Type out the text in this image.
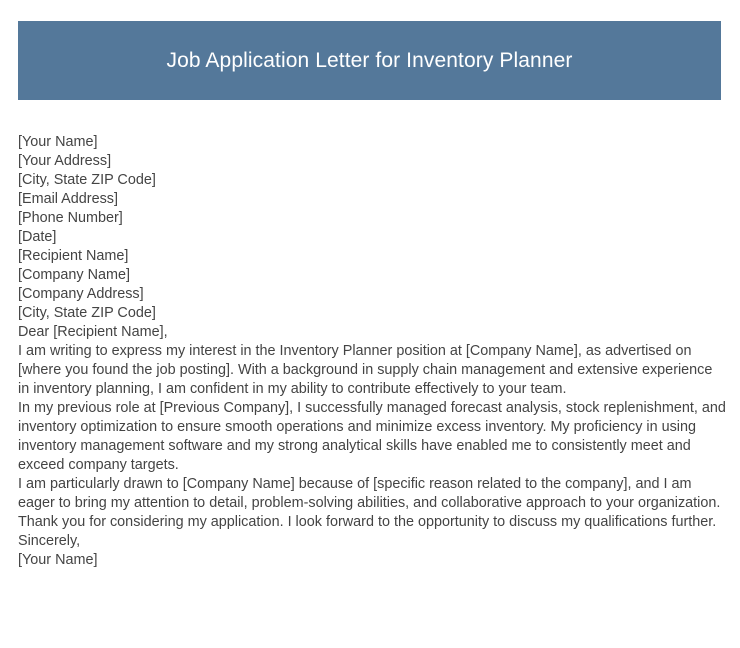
Job Application Letter for Inventory Planner

[Your Name]

[Your Address]

[City, State ZIP Code]

[Email Address]

[Phone Number]

[Date]

[Recipient Name]

[Company Name]

[Company Address]

[City, State ZIP Code]

Dear [Recipient Name],

I am writing to express my interest in the Inventory Planner position at [Company Name], as advertised on [where you found the job posting]. With a background in supply chain management and extensive experience in inventory planning, I am confident in my ability to contribute effectively to your team.

In my previous role at [Previous Company], I successfully managed forecast analysis, stock replenishment, and inventory optimization to ensure smooth operations and minimize excess inventory. My proficiency in using inventory management software and my strong analytical skills have enabled me to consistently meet and exceed company targets.

I am particularly drawn to [Company Name] because of [specific reason related to the company], and I am eager to bring my attention to detail, problem-solving abilities, and collaborative approach to your organization.

Thank you for considering my application. I look forward to the opportunity to discuss my qualifications further.

Sincerely,

[Your Name]
